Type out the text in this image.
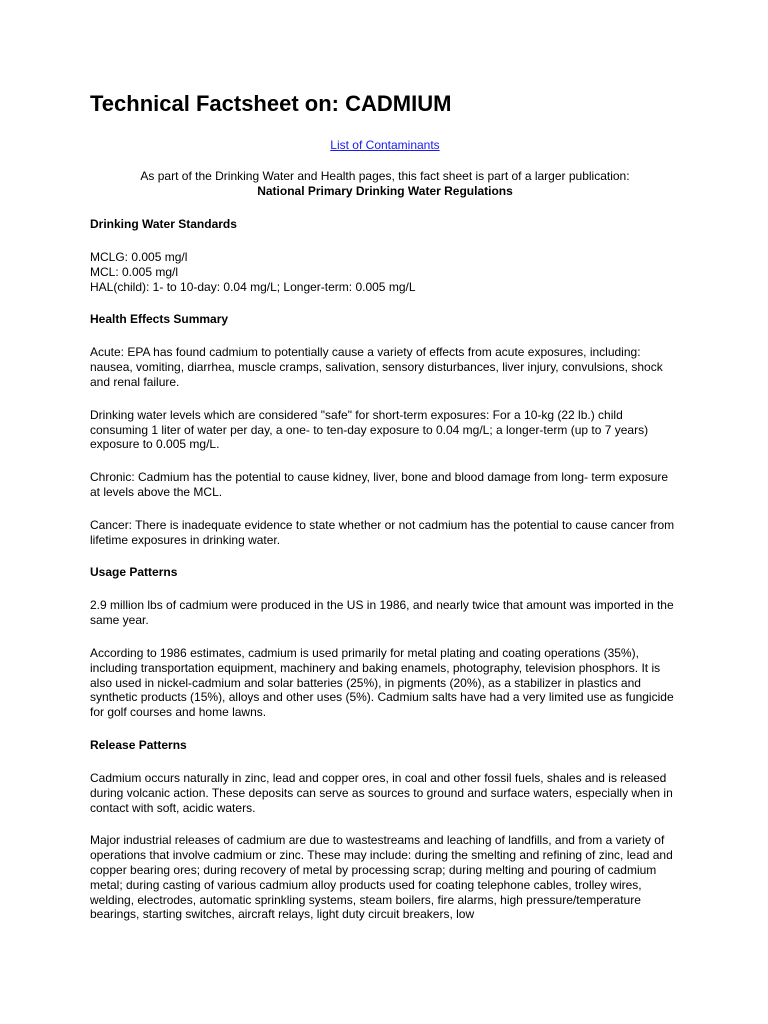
Technical Factsheet on: CADMIUM
List of Contaminants
As part of the Drinking Water and Health pages, this fact sheet is part of a larger publication:
National Primary Drinking Water Regulations
Drinking Water Standards
MCLG: 0.005 mg/l
MCL: 0.005 mg/l
HAL(child): 1- to 10-day: 0.04 mg/L; Longer-term: 0.005 mg/L
Health Effects Summary

Acute: EPA has found cadmium to potentially cause a variety of effects from acute exposures, including: nausea, vomiting, diarrhea, muscle cramps, salivation, sensory disturbances, liver injury, convulsions, shock and renal failure.

Drinking water levels which are considered "safe" for short-term exposures: For a 10-kg (22 lb.) child consuming 1 liter of water per day, a one- to ten-day exposure to 0.04 mg/L; a longer-term (up to 7 years) exposure to 0.005 mg/L.

Chronic: Cadmium has the potential to cause kidney, liver, bone and blood damage from long- term exposure at levels above the MCL.

Cancer: There is inadequate evidence to state whether or not cadmium has the potential to cause cancer from lifetime exposures in drinking water.

Usage Patterns

2.9 million lbs of cadmium were produced in the US in 1986, and nearly twice that amount was imported in the same year.

According to 1986 estimates, cadmium is used primarily for metal plating and coating operations (35%), including transportation equipment, machinery and baking enamels, photography, television phosphors. It is also used in nickel-cadmium and solar batteries (25%), in pigments (20%), as a stabilizer in plastics and synthetic products (15%), alloys and other uses (5%). Cadmium salts have had a very limited use as fungicide for golf courses and home lawns.

Release Patterns

Cadmium occurs naturally in zinc, lead and copper ores, in coal and other fossil fuels, shales and is released during volcanic action. These deposits can serve as sources to ground and surface waters, especially when in contact with soft, acidic waters.

Major industrial releases of cadmium are due to wastestreams and leaching of landfills, and from a variety of operations that involve cadmium or zinc. These may include: during the smelting and refining of zinc, lead and copper bearing ores; during recovery of metal by processing scrap; during melting and pouring of cadmium metal; during casting of various cadmium alloy products used for coating telephone cables, trolley wires, welding, electrodes, automatic sprinkling systems, steam boilers, fire alarms, high pressure/temperature bearings, starting switches, aircraft relays, light duty circuit breakers, low
